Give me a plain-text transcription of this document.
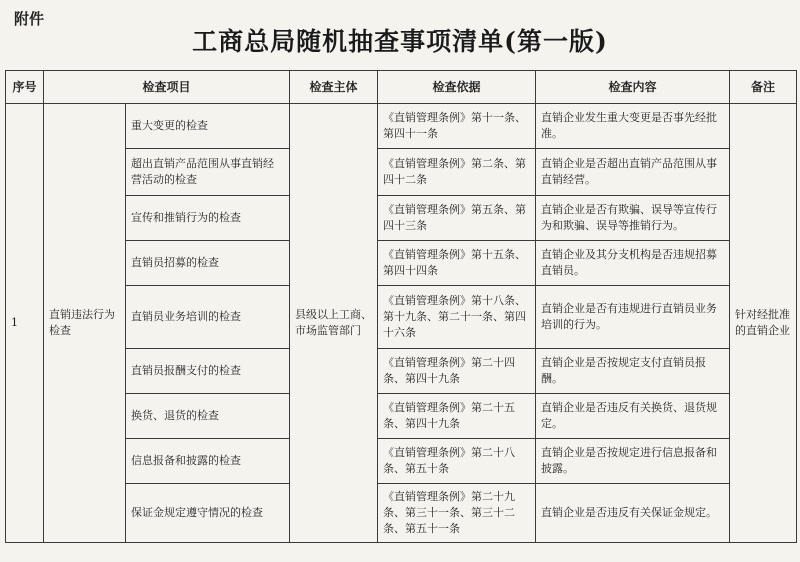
附件
工商总局随机抽查事项清单(第一版)
序号	检查项目		检查主体	检查依据	检查内容	备注
1	直销违法行为检查	重大变更的检查	县级以上工商、市场监管部门	《直销管理条例》第十一条、第四十一条	直销企业发生重大变更是否事先经批准。	针对经批准的直销企业
		超出直销产品范围从事直销经营活动的检查		《直销管理条例》第二条、第四十二条	直销企业是否超出直销产品范围从事直销经营。	
		宣传和推销行为的检查		《直销管理条例》第五条、第四十三条	直销企业是否有欺骗、误导等宣传行为和欺骗、误导等推销行为。	
		直销员招募的检查		《直销管理条例》第十五条、第四十四条	直销企业及其分支机构是否违规招募直销员。	
		直销员业务培训的检查		《直销管理条例》第十八条、第十九条、第二十一条、第四十六条	直销企业是否有违规进行直销员业务培训的行为。	
		直销员报酬支付的检查		《直销管理条例》第二十四条、第四十九条	直销企业是否按规定支付直销员报酬。	
		换货、退货的检查		《直销管理条例》第二十五条、第四十九条	直销企业是否违反有关换货、退货规定。	
		信息报备和披露的检查		《直销管理条例》第二十八条、第五十条	直销企业是否按规定进行信息报备和披露。	
		保证金规定遵守情况的检查		《直销管理条例》第二十九条、第三十一条、第三十二条、第五十一条	直销企业是否违反有关保证金规定。	
